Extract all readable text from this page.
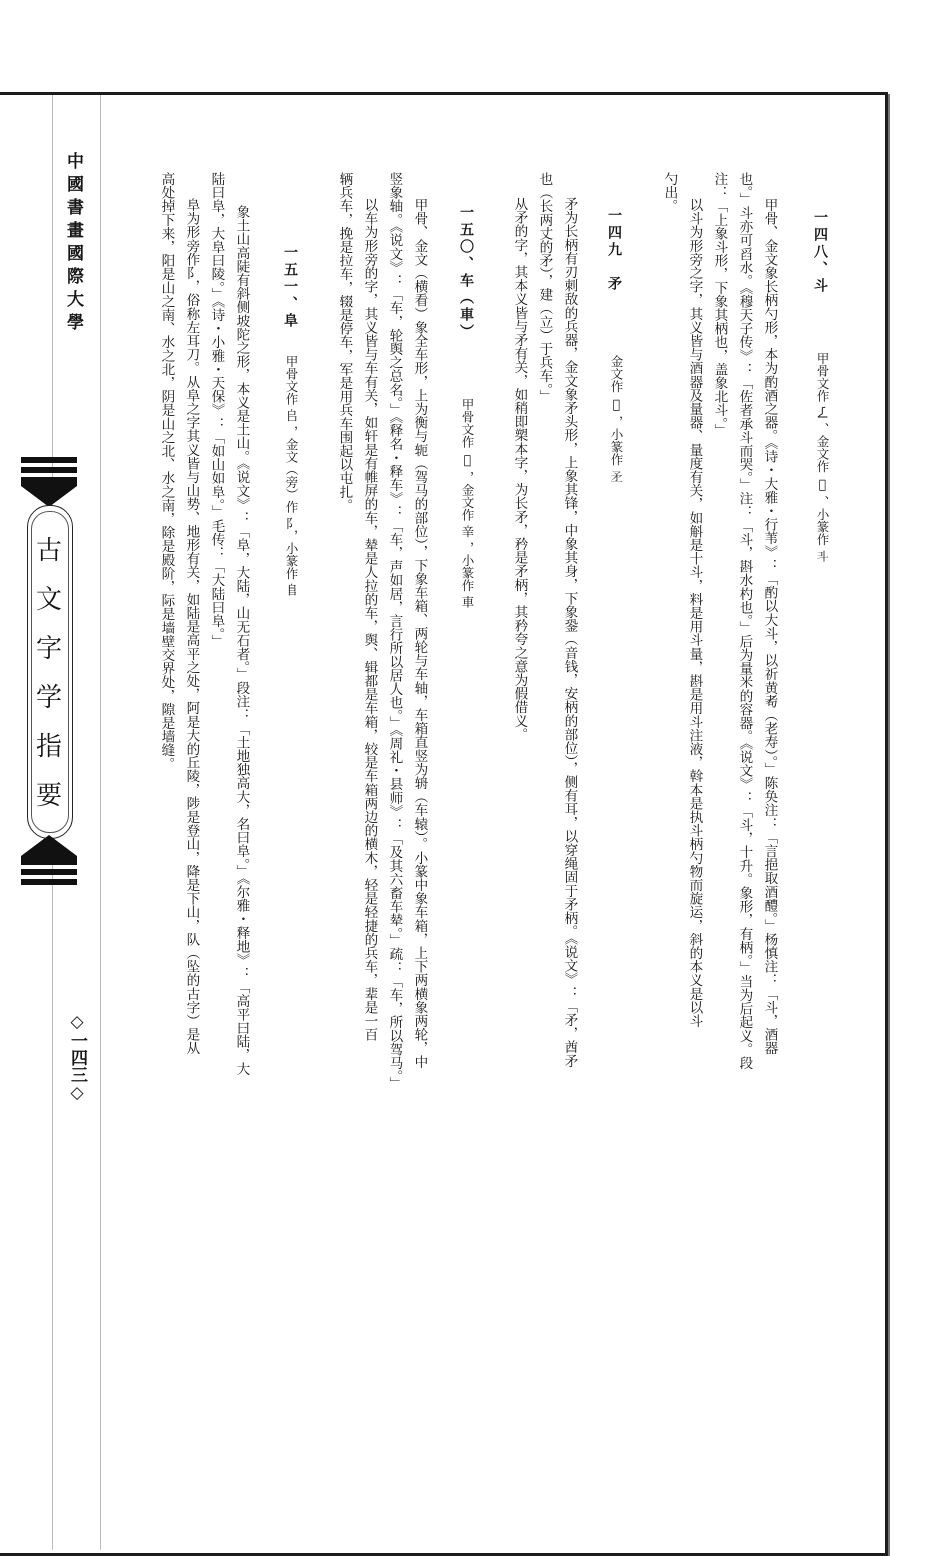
中國書畫國際大學
古
文
字
学
指
要
◇一四三◇
一四八、斗
甲骨文作 𠄏 、金文作 𠂋 、小篆作 𣁬
甲骨、金文象长柄勺形，本为酌酒之器。《诗・大雅・行苇》：「酌以大斗，以祈黄耇（老寿）。」陈奂注：「言挹取酒醴。」杨慎注：「斗，酒器
也。」斗亦可舀水。《穆天子传》：「佐者承斗而哭。」注：「斗，斟水杓也。」后为量米的容器。《说文》：「斗，十升。象形，有柄。」当为后起义。段
注：「上象斗形，下象其柄也，盖象北斗。」
以斗为形旁之字，其义皆与酒器及量器、量度有关，如斛是十斗，料是用斗量，斟是用斗注液，斡本是执斗柄勺物而旋运，斜的本义是以斗
勺出。
一四九　矛
金文作 𠭃 ，小篆作 𥍝
矛为长柄有刃刺敌的兵器，金文象矛头形，上象其锋，中象其身，下象銎（音钱，安柄的部位），侧有耳，以穿绳固于矛柄。《说文》：「矛，酋矛
也（长两丈的矛），建（立）于兵车。」
从矛的字，其本义皆与矛有关，如稍即槊本字，为长矛，矜是矛柄，其矜夸之意为假借义。
一五〇、车（車）
甲骨文作 𨏮 ，金文作 𨐌 ，小篆作 車
甲骨、金文（横看）象全车形，上为衡与轭（驾马的部位），下象车箱、两轮与车轴，车箱直竖为辀（车辕）。小篆中象车箱，上下两横象两轮，中
竖象轴。《说文》：「车，轮舆之总名。」《释名・释车》：「车，声如居，言行所以居人也。」《周礼・县师》：「及其六畜车辇。」疏：「车，所以驾马。」
以车为形旁的字，其义皆与车有关，如轩是有帷屏的车，辇是人拉的车，舆、辑都是车箱，较是车箱两边的横木，轻是轻捷的兵车，辈是一百
辆兵车，挽是拉车，辍是停车，军是用兵车围起以屯扎。
一五一、阜
甲骨文作 𠂤 ，金文（旁）作 阝，小篆作 𨸏
象土山高陡有斜侧坡陀之形，本义是土山。《说文》：「阜，大陆，山无石者。」段注：「土地独高大，名曰阜。」《尔雅・释地》：「高平曰陆，大
陆曰阜，大阜曰陵。」《诗・小雅・天保》：「如山如阜。」毛传：「大陆曰阜。」
阜为形旁作阝，俗称左耳刀。从阜之字其义皆与山势、地形有关，如陆是高平之处，阿是大的丘陵，陟是登山，降是下山，队（坠的古字）是从
高处掉下来，阳是山之南、水之北，阴是山之北、水之南，除是殿阶，际是墙壁交界处，隙是墙缝。
